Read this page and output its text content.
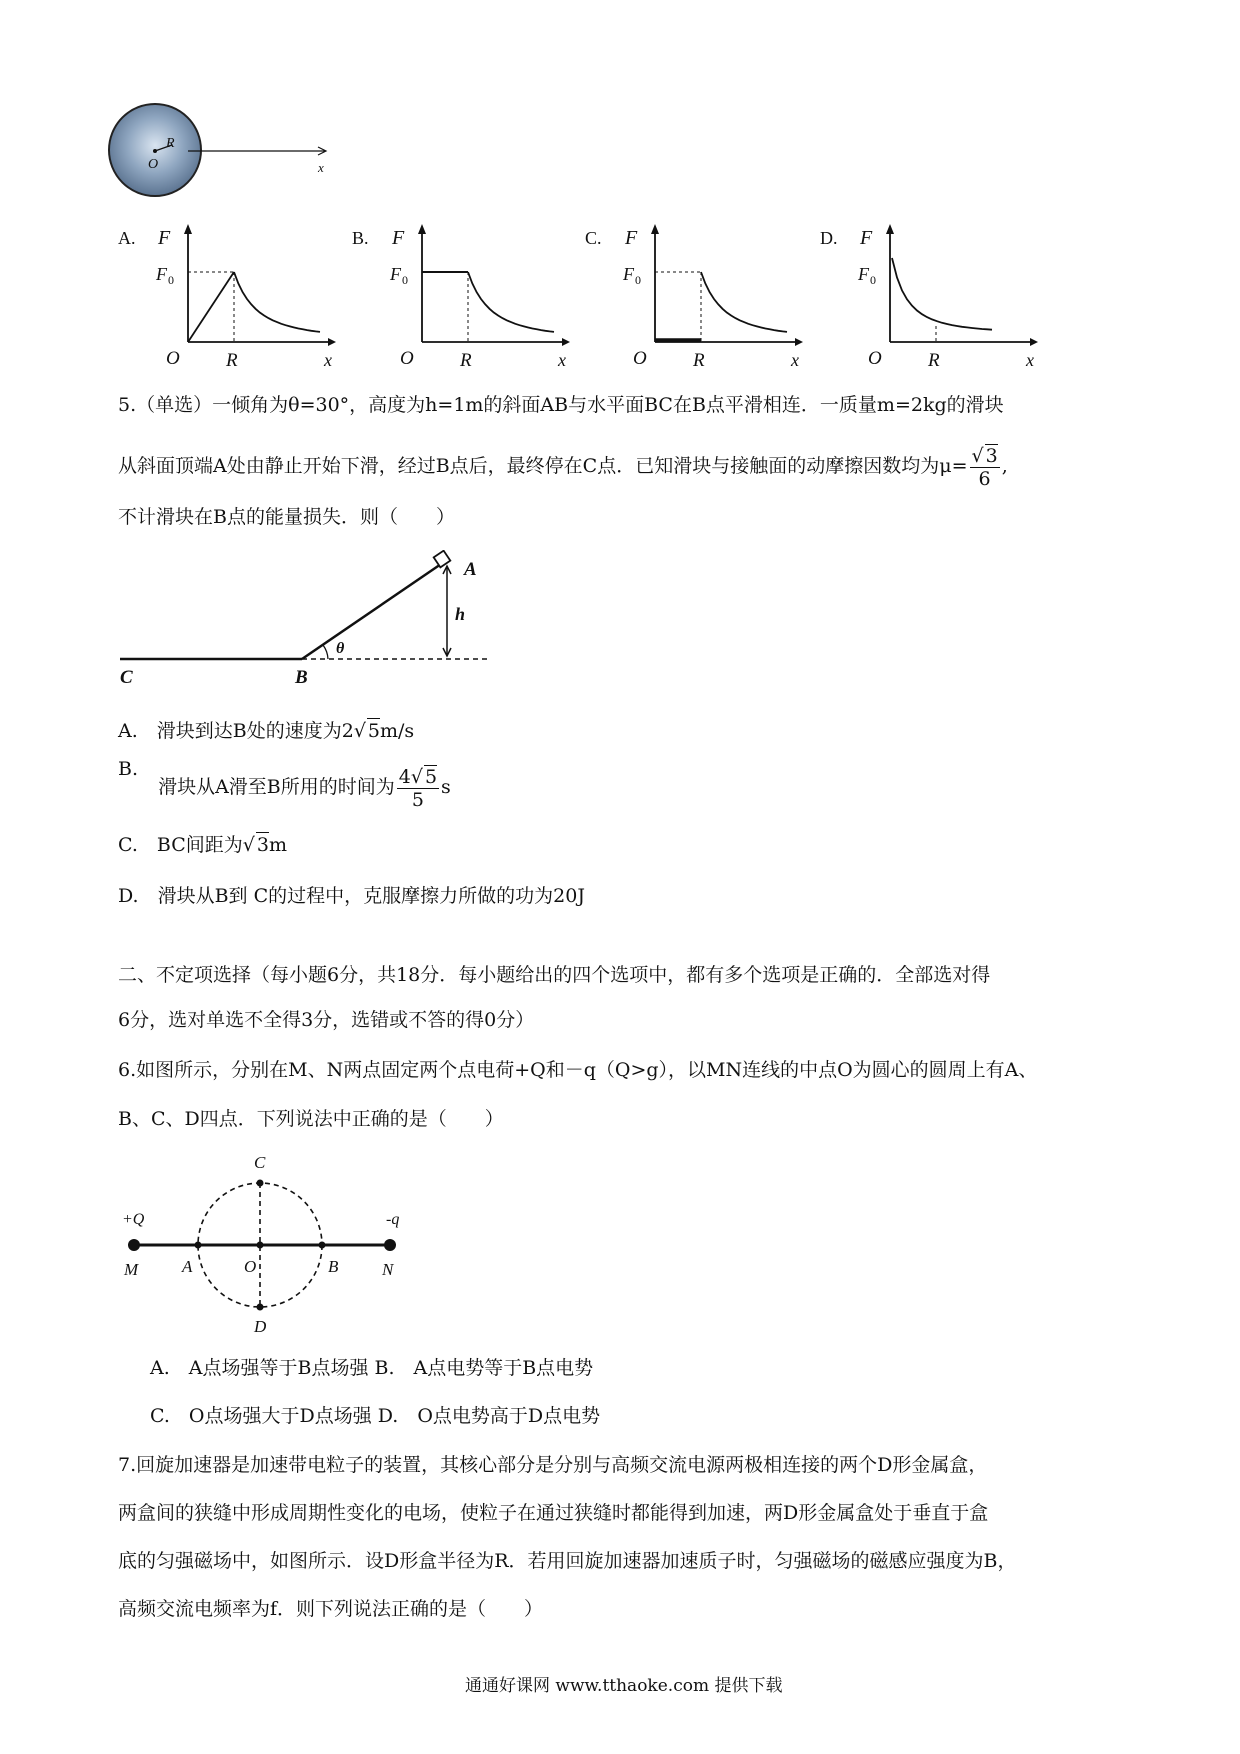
R
O	x
A. F
F 0
O R	x
B. F
F 0
O R	x
C. F
F 0
O R	x
D. F
F 0
O R	x
5.（单选）一倾角为θ=30°，高度为h=1m的斜面AB与水平面BC在B点平滑相连．一质量m=2kg的滑块
从斜面顶端A处由静止开始下滑，经过B点后，最终停在C点．已知滑块与接触面的动摩擦因数均为$\mu= \frac{√ 3}{6}$ ,
不计滑块在B点的能量损失．则（　　）
A
h
θ
C	B
A.　滑块到达B处的速度为2√ 5m/s
B. 滑块从A滑至B所用的时间为 $\frac{4√ 5}{5}$ s
C.　BC间距为√ 3m
D.　滑块从B到 C的过程中，克服摩擦力所做的功为20J
二、不定项选择（每小题6分，共18分．每小题给出的四个选项中，都有多个选项是正确的．全部选对得
6分，选对单选不全得3分，选错或不答的得0分）
6.如图所示，分别在M、N两点固定两个点电荷+Q和－q（Q>g），以MN连线的中点O为圆心的圆周上有A、
B、C、D四点．下列说法中正确的是（　　）
+Q	-q
M	A	O	B	N
C
D
A.　A点场强等于B点场强 B.　A点电势等于B点电势
C.　O点场强大于D点场强 D.　O点电势高于D点电势
7.回旋加速器是加速带电粒子的装置，其核心部分是分别与高频交流电源两极相连接的两个D形金属盒，
两盒间的狭缝中形成周期性变化的电场，使粒子在通过狭缝时都能得到加速，两D形金属盒处于垂直于盒
底的匀强磁场中，如图所示．设D形盒半径为R．若用回旋加速器加速质子时，匀强磁场的磁感应强度为B，
高频交流电频率为f．则下列说法正确的是（　　）
通通好课网 www.tthaoke.com 提供下载
